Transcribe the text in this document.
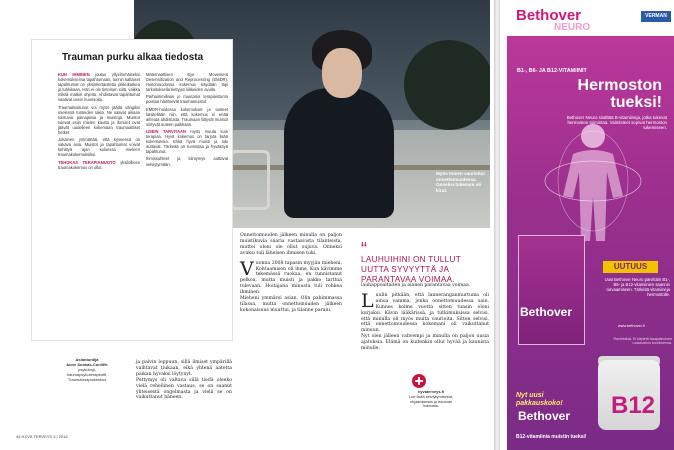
Myös toinen vaurioitui onnettomuudessa. Onneksi tukenani oli kirut.
Trauman purku alkaa tiedosta

KUN IHMINEN joutuu yllyvimmäiseksi kokemuksensa tapahtumaan, tunnin kaltaiset tapahtumat on yksinkertaistettu pikkukarkea ja tuhkikaan. Hän ei ole tietoinen siitä, vaikka mikäli matkin ohjeita. Ahdistavat tapahtumat vaativat usein huomioita.

Traumatisoitunut voi myös jäädä vangiksi mielensä tunteiden takia. Ne saavat aikaan toistuvia painajaisia ja muistoja. Muistot tulevat esiin mielen kautta ja ihmiset ovat jäävät uudelleen kokemaan traumaattiset hetket.

Jokainen ymmärtää, että kyseessä on vakava asia. Muistot ja tapahtumat voivat kehittyä ajan kuluessa mieleen traumakokemuksiksi.

TEHOKAS TERAPIAMUOTO yksilöllinen traumakokemus on ollut.

Matemaattisen Eye Movement Desensitization and Reprocessing (EMDR). Hoitomuodossa kokemus käydään läpi tarkoituksella tiettyjen liikkeiden avulla.

Parhaimmillaan jo muutama terapiaistunto poistaa häiritsevät traumamuistot.

EMDR-hoidossa kokemukset ja tunteet käsitellään niin, että kokemus ei enää aiheuta ahdistusta. Traumaan liittyvät muistot siirtyvät uuteen paikkaan.

USEIN TARVITAAN myös muuta kuin terapiaa. Hyvä kokemus on tarjota lisää kokemuksia. Ehkä hyvä muisti ja tuki auttavat. Tärkeää on tunnistaa ja hyväksyä tapahtunut.

Ihmissuhteet ja kiintymys auttavat selviytymään.

Asiantuntija
Anne Suokas-Cunliffe
psykologi, traumapsykoterapeutti, Traumaterapiakeskus

ja palvin loppuun, sillä ilmiset ympärillä vaihtavat tiukaan, eikä yhtenä aatetta paikan hyvaksi löytynyt.

Pettymys oli valtava sillä tiedä oleeko vielä rehellinen vastaus, se on saanut yhteisestä ongelmasta ja vielä se on vaikuttanut häneen.

Onnettomuuden jälkeen minulla on paljon muistikuvia saaria vastaavista tilanteista, muttei oloni ole ollut sujuva. Onneksi avuksi tuli läheisen ihmisen tuki.

Vuonna 2008 tapasin myyjän mieheni. Kohtaamisen oli ihme. Kun kävimme tekemässä ruokaa, en tunnistanut pelkoa, mutta muisti ja pakko tarttua tulevaan. Hoitajana minusta tuli rohkea ihminen.

Mieheni ymmärsi asian. Olin pahimmassa tilassa, mutta onnettomuuden jälkeen kokonaisuus muuttui, ja tilanne parani.

“
LAUHUIHINI ON TULLUT UUTTA SYVYYTTÄ JA PARANTAVAA VOIMAA.

lauhappoaltaiten ja alanen parantavaa voimaa.

Luulin pitkään, että lanneranganmurtuma oli ainoa vamma, jonka onnettomuudessa sain. Kunnes kolme vuotta sitten tunsin oloni kurjaksi. Kävin lääkärissä, ja tutkimuksissa selvisi, että minulla oli myös muita vaurioita. Sitten selvisi, että onnettomuudessa kokemani oli vaikuttanut minuun.

Nyt olen jälleen vahvempi ja minulla on paljon uusia ajatuksia. Elämä on kuitenkin ollut hyvää ja kaunista minulle.

hyvaterveys.fi
Lue lisää selviytymisestä, ohjaamisesta ja trauman hoidosta.
44 HYVÄ TERVEYS 5 | 2016
Bethover
NEURO
VERMAN
B1-, B6- JA B12-VITAMIINIT
Hermoston tueksi!
Bethover Neuro sisältää B-vitamiineja, jotka tukevat hermoston toimintaa. Valmisteet sopivat hermoston tukemiseen.
Bethover
UUTUUS
Uusi Bethover Neuro päivittäin B1-, B6- ja B12-vitamiinien saannin turvaamiseen. Tärkeitä vitamiineja hermostolle.
www.bethover.fi
Ravintolisä. Ei käytetä tasapainoisen ruokavalion korvikkeena.
B12
Nyt uusi pakkauskoko!
Bethover
B12-vitamiinia muistin tueksi!
